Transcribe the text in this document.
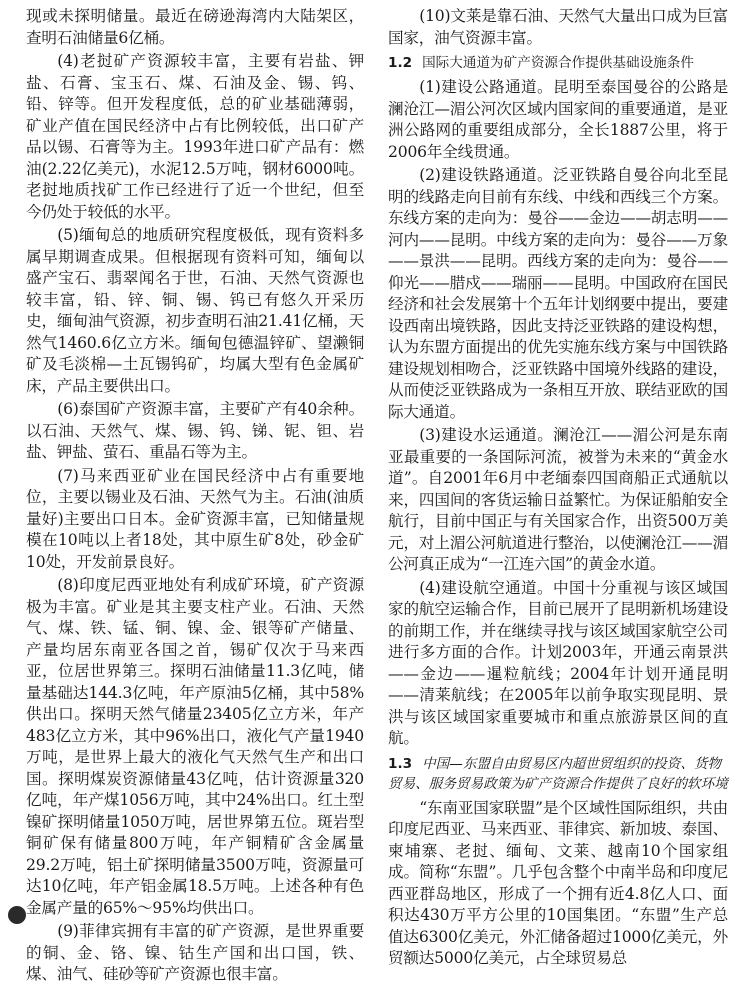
现或未探明储量。最近在磅逊海湾内大陆架区，查明石油储量6亿桶。

(4)老挝矿产资源较丰富，主要有岩盐、钾盐、石膏、宝玉石、煤、石油及金、锡、钨、铅、锌等。但开发程度低，总的矿业基础薄弱，矿业产值在国民经济中占有比例较低，出口矿产品以锡、石膏等为主。1993年进口矿产品有：燃油(2.22亿美元)，水泥12.5万吨，钢材6000吨。老挝地质找矿工作已经进行了近一个世纪，但至今仍处于较低的水平。

(5)缅甸总的地质研究程度极低，现有资料多属早期调查成果。但根据现有资料可知，缅甸以盛产宝石、翡翠闻名于世，石油、天然气资源也较丰富，铅、锌、铜、锡、钨已有悠久开采历史，缅甸油气资源，初步查明石油21.41亿桶，天然气1460.6亿立方米。缅甸包德温锌矿、望濑铜矿及毛淡棉—土瓦锡钨矿，均属大型有色金属矿床，产品主要供出口。

(6)泰国矿产资源丰富，主要矿产有40余种。以石油、天然气、煤、锡、钨、锑、铌、钽、岩盐、钾盐、萤石、重晶石等为主。

(7)马来西亚矿业在国民经济中占有重要地位，主要以锡业及石油、天然气为主。石油(油质量好)主要出口日本。金矿资源丰富，已知储量规模在10吨以上者18处，其中原生矿8处，砂金矿10处，开发前景良好。

(8)印度尼西亚地处有利成矿环境，矿产资源极为丰富。矿业是其主要支柱产业。石油、天然气、煤、铁、锰、铜、镍、金、银等矿产储量、产量均居东南亚各国之首，锡矿仅次于马来西亚，位居世界第三。探明石油储量11.3亿吨，储量基础达144.3亿吨，年产原油5亿桶，其中58%供出口。探明天然气储量23405亿立方米，年产483亿立方米，其中96%出口，液化气产量1940万吨，是世界上最大的液化气天然气生产和出口国。探明煤炭资源储量43亿吨，估计资源量320亿吨，年产煤1056万吨，其中24%出口。红土型镍矿探明储量1050万吨，居世界第五位。斑岩型铜矿保有储量800万吨，年产铜精矿含金属量29.2万吨，铝土矿探明储量3500万吨，资源量可达10亿吨，年产铝金属18.5万吨。上述各种有色金属产量的65%～95%均供出口。

(9)菲律宾拥有丰富的矿产资源，是世界重要的铜、金、铬、镍、钴生产国和出口国，铁、煤、油气、硅砂等矿产资源也很丰富。

(10)文莱是靠石油、天然气大量出口成为巨富国家，油气资源丰富。

1.2 国际大通道为矿产资源合作提供基础设施条件

(1)建设公路通道。昆明至泰国曼谷的公路是澜沧江—湄公河次区域内国家间的重要通道，是亚洲公路网的重要组成部分，全长1887公里，将于2006年全线贯通。

(2)建设铁路通道。泛亚铁路自曼谷向北至昆明的线路走向目前有东线、中线和西线三个方案。东线方案的走向为：曼谷——金边——胡志明——河内——昆明。中线方案的走向为：曼谷——万象——景洪——昆明。西线方案的走向为：曼谷——仰光——腊戍——瑞丽——昆明。中国政府在国民经济和社会发展第十个五年计划纲要中提出，要建设西南出境铁路，因此支持泛亚铁路的建设构想，认为东盟方面提出的优先实施东线方案与中国铁路建设规划相吻合，泛亚铁路中国境外线路的建设，从而使泛亚铁路成为一条相互开放、联结亚欧的国际大通道。

(3)建设水运通道。澜沧江——湄公河是东南亚最重要的一条国际河流，被誉为未来的“黄金水道”。自2001年6月中老缅泰四国商船正式通航以来，四国间的客货运输日益繁忙。为保证船舶安全航行，目前中国正与有关国家合作，出资500万美元，对上湄公河航道进行整治，以使澜沧江——湄公河真正成为“一江连六国”的黄金水道。

(4)建设航空通道。中国十分重视与该区域国家的航空运输合作，目前已展开了昆明新机场建设的前期工作，并在继续寻找与该区域国家航空公司进行多方面的合作。计划2003年，开通云南景洪——金边——暹粒航线；2004年计划开通昆明——清莱航线；在2005年以前争取实现昆明、景洪与该区域国家重要城市和重点旅游景区间的直航。

1.3 中国—东盟自由贸易区内超世贸组织的投资、货物贸易、服务贸易政策为矿产资源合作提供了良好的软环境

“东南亚国家联盟”是个区域性国际组织，共由印度尼西亚、马来西亚、菲律宾、新加坡、泰国、柬埔寨、老挝、缅甸、文莱、越南10个国家组成。简称“东盟”。几乎包含整个中南半岛和印度尼西亚群岛地区，形成了一个拥有近4.8亿人口、面积达430万平方公里的10国集团。“东盟”生产总值达6300亿美元，外汇储备超过1000亿美元，外贸额达5000亿美元，占全球贸易总
